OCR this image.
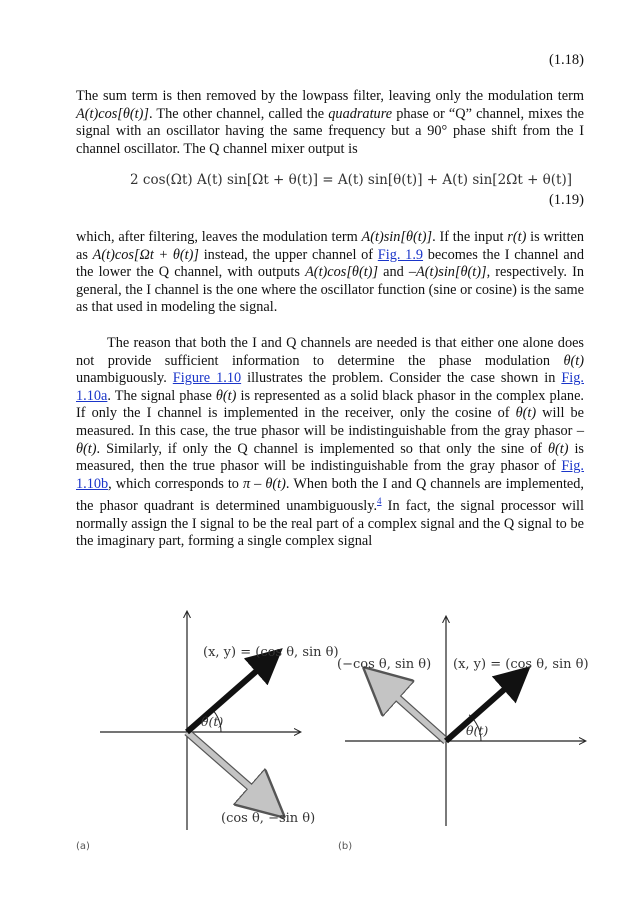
(1.18)

The sum term is then removed by the lowpass filter, leaving only the modulation term A(t)cos[θ(t)]. The other channel, called the quadrature phase or “Q” channel, mixes the signal with an oscillator having the same frequency but a 90° phase shift from the I channel oscillator. The Q channel mixer output is

2 cos(Ωt) A(t) sin[Ωt + θ(t)] = A(t) sin[θ(t)] + A(t) sin[2Ωt + θ(t)]
(1.19)

which, after filtering, leaves the modulation term A(t)sin[θ(t)]. If the input r(t) is written as A(t)cos[Ωt + θ(t)] instead, the upper channel of Fig. 1.9 becomes the I channel and the lower the Q channel, with outputs A(t)cos[θ(t)] and –A(t)sin[θ(t)], respectively. In general, the I channel is the one where the oscillator function (sine or cosine) is the same as that used in modeling the signal.

The reason that both the I and Q channels are needed is that either one alone does not provide sufficient information to determine the phase modulation θ(t) unambiguously. Figure 1.10 illustrates the problem. Consider the case shown in Fig. 1.10a. The signal phase θ(t) is represented as a solid black phasor in the complex plane. If only the I channel is implemented in the receiver, only the cosine of θ(t) will be measured. In this case, the true phasor will be indistinguishable from the gray phasor –θ(t). Similarly, if only the Q channel is implemented so that only the sine of θ(t) is measured, then the true phasor will be indistinguishable from the gray phasor of Fig. 1.10b, which corresponds to π – θ(t). When both the I and Q channels are implemented, the phasor quadrant is determined unambiguously.$^4$ In fact, the signal processor will normally assign the I signal to be the real part of a complex signal and the Q signal to be the imaginary part, forming a single complex signal

(x, y) = (cos θ, sin θ)
θ(t)
(cos θ, −sin θ)
(a)
(−cos θ, sin θ) (x, y) = (cos θ, sin θ)
θ(t)
(b)
